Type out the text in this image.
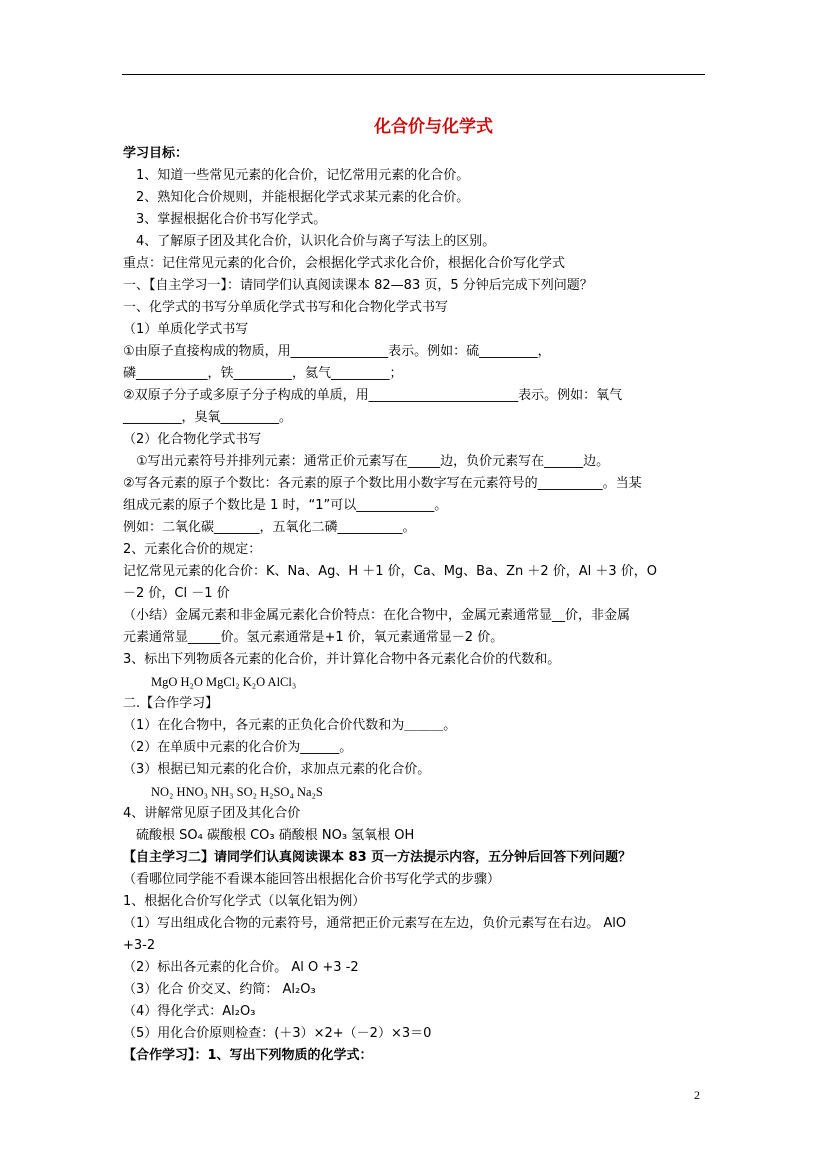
化合价与化学式
学习目标：
1、知道一些常见元素的化合价，记忆常用元素的化合价。
2、熟知化合价规则，并能根据化学式求某元素的化合价。
3、掌握根据化合价书写化学式。
4、了解原子团及其化合价，认识化合价与离子写法上的区别。
重点：记住常见元素的化合价，会根据化学式求化合价，根据化合价写化学式
一、【自主学习一】：请同学们认真阅读课本 82—83 页，5 分钟后完成下列问题？
一、化学式的书写分单质化学式书写和化合物化学式书写
（1）单质化学式书写
①由原子直接构成的物质，用_______________表示。例如：硫_________，
磷___________，铁_________，氦气_________；
②双原子分子或多原子分子构成的单质，用_______________________表示。例如：氧气
_________，臭氧_________。
（2）化合物化学式书写
①写出元素符号并排列元素：通常正价元素写在_____边，负价元素写在______边。
②写各元素的原子个数比：各元素的原子个数比用小数字写在元素符号的__________。当某
组成元素的原子个数比是 1 时，“1”可以____________。
例如：二氧化碳_______，五氧化二磷__________。
2、元素化合价的规定：
记忆常见元素的化合价：K、Na、Ag、H ＋1 价，Ca、Mg、Ba、Zn ＋2 价，Al ＋3 价，O
－2 价，Cl －1 价
（小结）金属元素和非金属元素化合价特点：在化合物中，金属元素通常显__价，非金属
元素通常显_____价。氢元素通常是+1 价，氧元素通常显－2 价。
3、标出下列物质各元素的化合价，并计算化合物中各元素化合价的代数和。
MgO H₂O MgCl₂ K₂O AlCl₃
二.【合作学习】
（1）在化合物中，各元素的正负化合价代数和为＿＿＿。
（2）在单质中元素的化合价为______。
（3）根据已知元素的化合价，求加点元素的化合价。
NO₂ HNO₃ NH₃ SO₂ H₂SO₄ Na₂S
4、讲解常见原子团及其化合价
硫酸根 SO₄ 碳酸根 CO₃ 硝酸根 NO₃ 氢氧根 OH
【自主学习二】请同学们认真阅读课本 83 页一方法提示内容，五分钟后回答下列问题？
（看哪位同学能不看课本能回答出根据化合价书写化学式的步骤）
1、根据化合价写化学式（以氧化铝为例）
（1）写出组成化合物的元素符号，通常把正价元素写在左边，负价元素写在右边。 AlO
+3-2
（2）标出各元素的化合价。 Al O +3 -2
（3）化合 价交叉、约简： Al₂O₃
（4）得化学式：Al₂O₃
（5）用化合价原则检查：(＋3）×2+（－2）×3＝0
【合作学习】：1、写出下列物质的化学式：
2
